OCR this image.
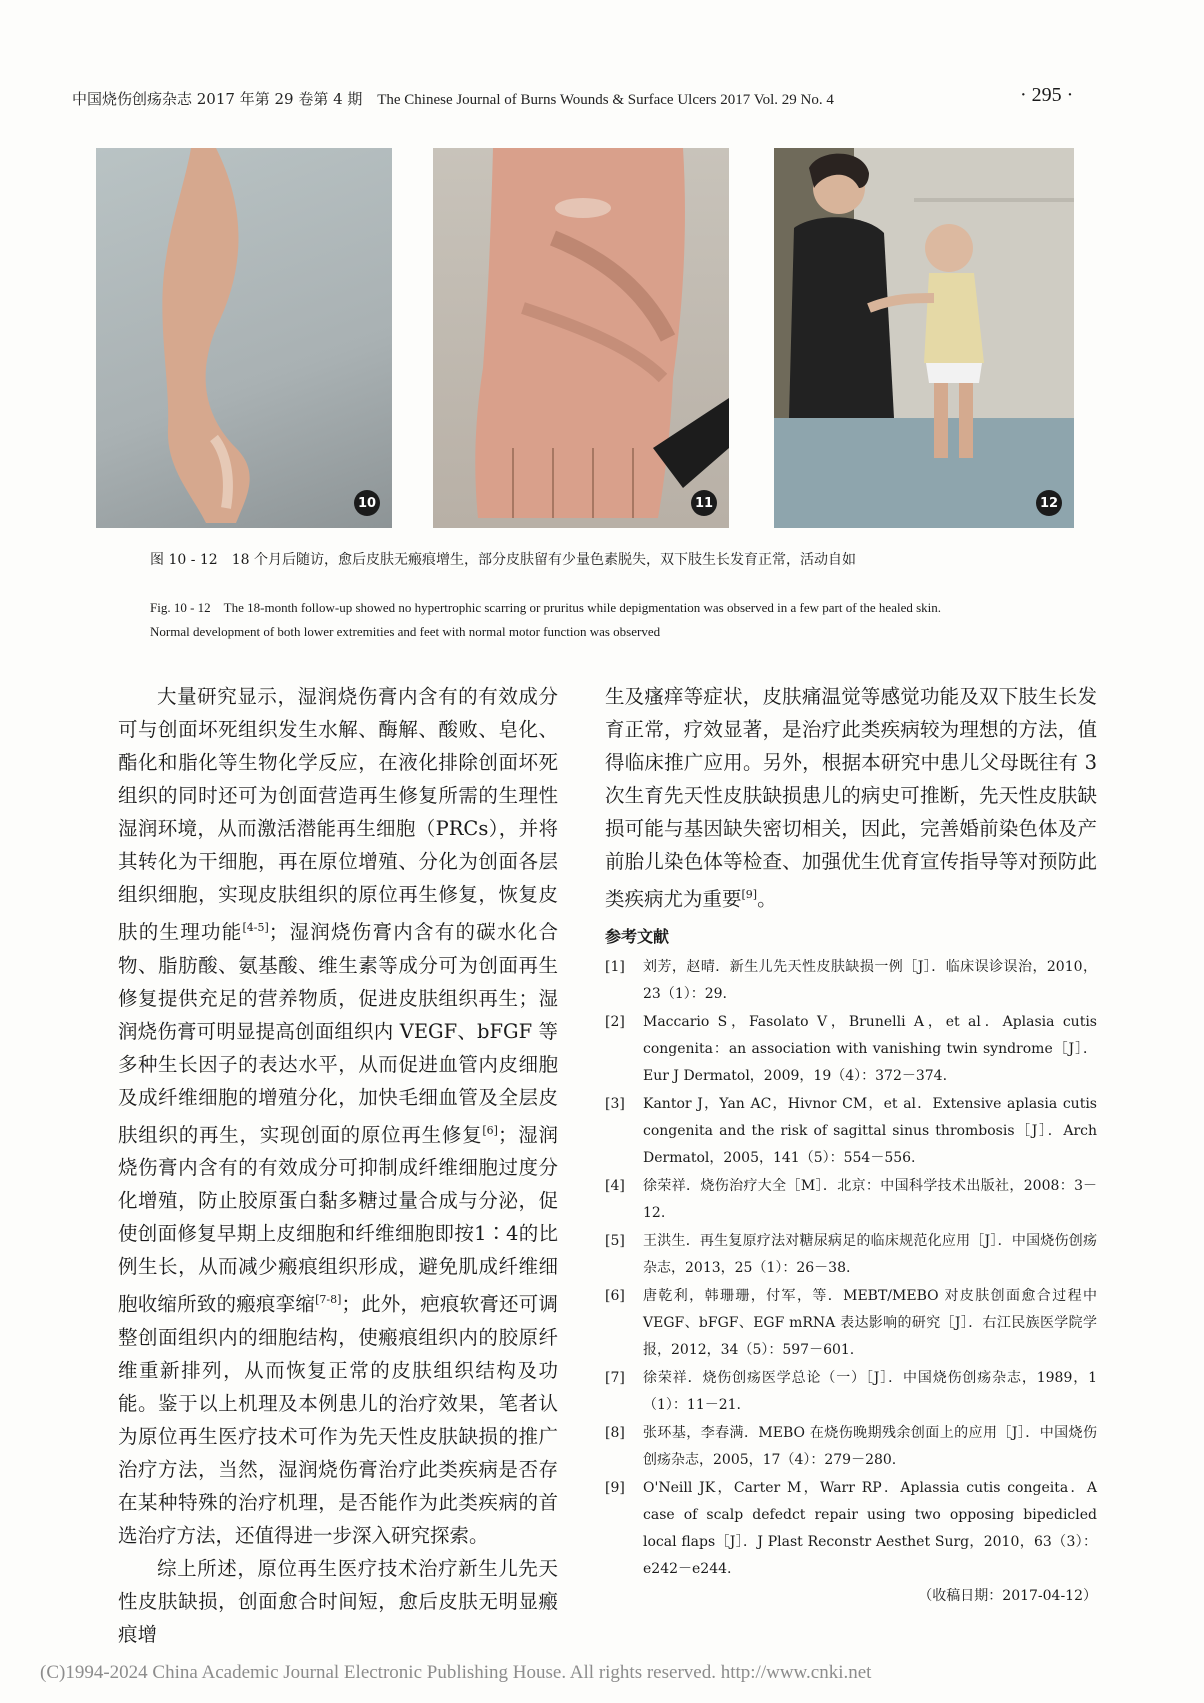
中国烧伤创疡杂志 2017 年第 29 卷第 4 期 The Chinese Journal of Burns Wounds & Surface Ulcers 2017 Vol. 29 No. 4	· 295 ·
10	11	12
图 10 - 12　18 个月后随访，愈后皮肤无瘢痕增生，部分皮肤留有少量色素脱失，双下肢生长发育正常，活动自如
Fig. 10 - 12　The 18-month follow-up showed no hypertrophic scarring or pruritus while depigmentation was observed in a few part of the healed skin. Normal development of both lower extremities and feet with normal motor function was observed

大量研究显示，湿润烧伤膏内含有的有效成分可与创面坏死组织发生水解、酶解、酸败、皂化、酯化和脂化等生物化学反应，在液化排除创面坏死组织的同时还可为创面营造再生修复所需的生理性湿润环境，从而激活潜能再生细胞（PRCs），并将其转化为干细胞，再在原位增殖、分化为创面各层组织细胞，实现皮肤组织的原位再生修复，恢复皮肤的生理功能[4-5]；湿润烧伤膏内含有的碳水化合物、脂肪酸、氨基酸、维生素等成分可为创面再生修复提供充足的营养物质，促进皮肤组织再生；湿润烧伤膏可明显提高创面组织内 VEGF、bFGF 等多种生长因子的表达水平，从而促进血管内皮细胞及成纤维细胞的增殖分化，加快毛细血管及全层皮肤组织的再生，实现创面的原位再生修复[6]；湿润烧伤膏内含有的有效成分可抑制成纤维细胞过度分化增殖，防止胶原蛋白黏多糖过量合成与分泌，促使创面修复早期上皮细胞和纤维细胞即按1∶4的比例生长，从而减少瘢痕组织形成，避免肌成纤维细胞收缩所致的瘢痕挛缩[7-8]；此外，疤痕软膏还可调整创面组织内的细胞结构，使瘢痕组织内的胶原纤维重新排列，从而恢复正常的皮肤组织结构及功能。鉴于以上机理及本例患儿的治疗效果，笔者认为原位再生医疗技术可作为先天性皮肤缺损的推广治疗方法，当然，湿润烧伤膏治疗此类疾病是否存在某种特殊的治疗机理，是否能作为此类疾病的首选治疗方法，还值得进一步深入研究探索。

综上所述，原位再生医疗技术治疗新生儿先天性皮肤缺损，创面愈合时间短，愈后皮肤无明显瘢痕增

生及瘙痒等症状，皮肤痛温觉等感觉功能及双下肢生长发育正常，疗效显著，是治疗此类疾病较为理想的方法，值得临床推广应用。另外，根据本研究中患儿父母既往有 3 次生育先天性皮肤缺损患儿的病史可推断，先天性皮肤缺损可能与基因缺失密切相关，因此，完善婚前染色体及产前胎儿染色体等检查、加强优生优育宣传指导等对预防此类疾病尤为重要[9]。

参考文献
[1]	刘芳，赵晴．新生儿先天性皮肤缺损一例［J］．临床误诊误治，2010，23（1）：29.
[2]	Maccario S，Fasolato V，Brunelli A，et al．Aplasia cutis congenita：an association with vanishing twin syndrome［J］．Eur J Dermatol，2009，19（4）：372－374.
[3]	Kantor J，Yan AC，Hivnor CM，et al．Extensive aplasia cutis congenita and the risk of sagittal sinus thrombosis［J］．Arch Dermatol，2005，141（5）：554－556.
[4]	徐荣祥．烧伤治疗大全［M］．北京：中国科学技术出版社，2008：3－12.
[5]	王洪生．再生复原疗法对糖尿病足的临床规范化应用［J］．中国烧伤创疡杂志，2013，25（1）：26－38.
[6]	唐乾利，韩珊珊，付军，等．MEBT/MEBO 对皮肤创面愈合过程中 VEGF、bFGF、EGF mRNA 表达影响的研究［J］．右江民族医学院学报，2012，34（5）：597－601.
[7]	徐荣祥．烧伤创疡医学总论（一）［J］．中国烧伤创疡杂志，1989，1（1）：11－21.
[8]	张环基，李春满．MEBO 在烧伤晚期残余创面上的应用［J］．中国烧伤创疡杂志，2005，17（4）：279－280.
[9]	O'Neill JK，Carter M，Warr RP．Aplassia cutis congeita．A case of scalp defedct repair using two opposing bipedicled local flaps［J］．J Plast Reconstr Aesthet Surg，2010，63（3）：e242－e244.
（收稿日期：2017-04-12）
(C)1994-2024 China Academic Journal Electronic Publishing House. All rights reserved. http://www.cnki.net
